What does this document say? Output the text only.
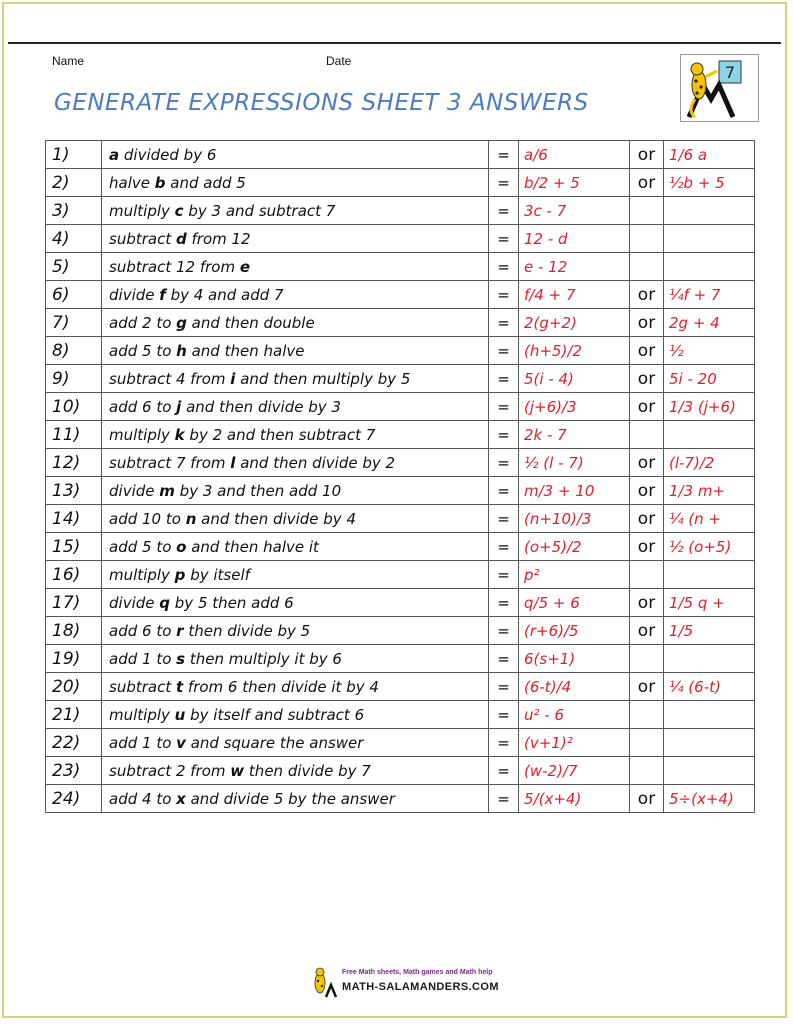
Name	Date
GENERATE EXPRESSIONS SHEET 3 ANSWERS
7
1)	a divided by 6	=	a/6	or	1/6 a
2)	halve b and add 5	=	b/2 + 5	or	½b + 5
3)	multiply c by 3 and subtract 7	=	3c - 7		
4)	subtract d from 12	=	12 - d		
5)	subtract 12 from e	=	e - 12		
6)	divide f by 4 and add 7	=	f/4 + 7	or	¼f + 7
7)	add 2 to g and then double	=	2(g+2)	or	2g + 4
8)	add 5 to h and then halve	=	(h+5)/2	or	½
9)	subtract 4 from i and then multiply by 5	=	5(i - 4)	or	5i - 20
10)	add 6 to j and then divide by 3	=	(j+6)/3	or	1/3 (j+6)
11)	multiply k by 2 and then subtract 7	=	2k - 7		
12)	subtract 7 from l and then divide by 2	=	½ (l - 7)	or	(l-7)/2
13)	divide m by 3 and then add 10	=	m/3 + 10	or	1/3 m+
14)	add 10 to n and then divide by 4	=	(n+10)/3	or	¼ (n +
15)	add 5 to o and then halve it	=	(o+5)/2	or	½ (o+5)
16)	multiply p by itself	=	p²		
17)	divide q by 5 then add 6	=	q/5 + 6	or	1/5 q +
18)	add 6 to r then divide by 5	=	(r+6)/5	or	1/5
19)	add 1 to s then multiply it by 6	=	6(s+1)		
20)	subtract t from 6 then divide it by 4	=	(6-t)/4	or	¼ (6-t)
21)	multiply u by itself and subtract 6	=	u² - 6		
22)	add 1 to v and square the answer	=	(v+1)²		
23)	subtract 2 from w then divide by 7	=	(w-2)/7		
24)	add 4 to x and divide 5 by the answer	=	5/(x+4)	or	5÷(x+4)
Free Math sheets, Math games and Math help
MATH-SALAMANDERS.COM
